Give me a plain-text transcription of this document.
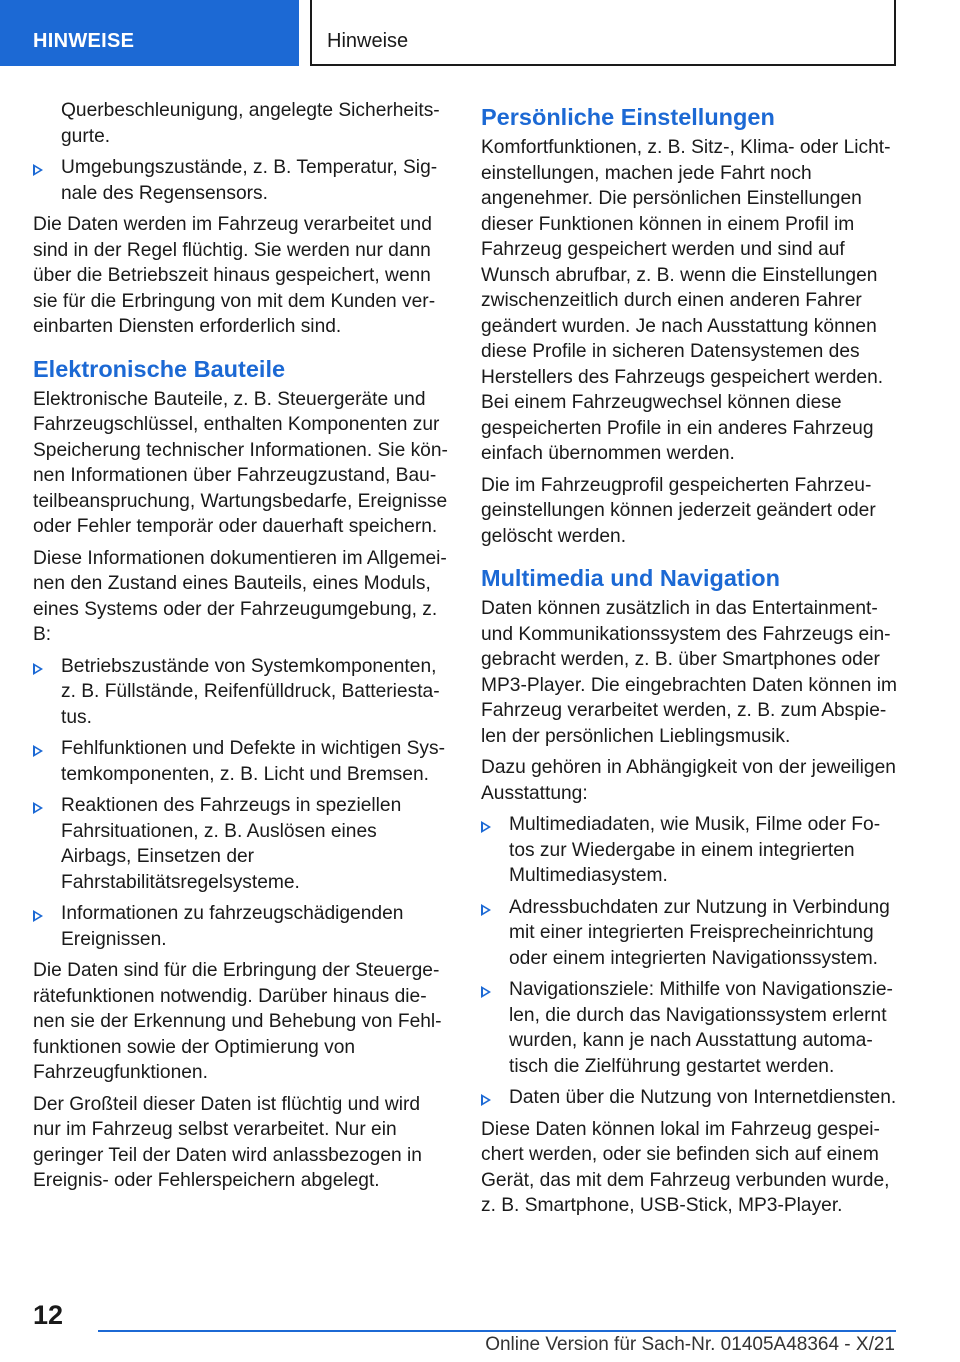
HINWEISE	Hinweise
Querbeschleunigung, angelegte Sicherheitsgurte.
Umgebungszustände, z. B. Temperatur, Signale des Regensensors.

Die Daten werden im Fahrzeug verarbeitet und sind in der Regel flüchtig. Sie werden nur dann über die Betriebszeit hinaus gespeichert, wenn sie für die Erbringung von mit dem Kunden vereinbarten Diensten erforderlich sind.

Elektronische Bauteile

Elektronische Bauteile, z. B. Steuergeräte und Fahrzeugschlüssel, enthalten Komponenten zur Speicherung technischer Informationen. Sie können Informationen über Fahrzeugzustand, Bauteilbeanspruchung, Wartungsbedarfe, Ereignisse oder Fehler temporär oder dauerhaft speichern.

Diese Informationen dokumentieren im Allgemeinen den Zustand eines Bauteils, eines Moduls, eines Systems oder der Fahrzeugumgebung, z. B:

Betriebszustände von Systemkomponenten, z. B. Füllstände, Reifenfülldruck, Batteriestatus.
Fehlfunktionen und Defekte in wichtigen Systemkomponenten, z. B. Licht und Bremsen.
Reaktionen des Fahrzeugs in speziellen Fahrsituationen, z. B. Auslösen eines Airbags, Einsetzen der Fahrstabilitätsregelsysteme.
Informationen zu fahrzeugschädigenden Ereignissen.

Die Daten sind für die Erbringung der Steuergerätefunktionen notwendig. Darüber hinaus dienen sie der Erkennung und Behebung von Fehlfunktionen sowie der Optimierung von Fahrzeugfunktionen.

Der Großteil dieser Daten ist flüchtig und wird nur im Fahrzeug selbst verarbeitet. Nur ein geringer Teil der Daten wird anlassbezogen in Ereignis- oder Fehlerspeichern abgelegt.

Persönliche Einstellungen

Komfortfunktionen, z. B. Sitz-, Klima- oder Lichteinstellungen, machen jede Fahrt noch angenehmer. Die persönlichen Einstellungen dieser Funktionen können in einem Profil im Fahrzeug gespeichert werden und sind auf Wunsch abrufbar, z. B. wenn die Einstellungen zwischenzeitlich durch einen anderen Fahrer geändert wurden. Je nach Ausstattung können diese Profile in sicheren Datensystemen des Herstellers des Fahrzeugs gespeichert werden. Bei einem Fahrzeugwechsel können diese gespeicherten Profile in ein anderes Fahrzeug einfach übernommen werden.

Die im Fahrzeugprofil gespeicherten Fahrzeugeinstellungen können jederzeit geändert oder gelöscht werden.

Multimedia und Navigation

Daten können zusätzlich in das Entertainment- und Kommunikationssystem des Fahrzeugs eingebracht werden, z. B. über Smartphones oder MP3-Player. Die eingebrachten Daten können im Fahrzeug verarbeitet werden, z. B. zum Abspielen der persönlichen Lieblingsmusik.

Dazu gehören in Abhängigkeit von der jeweiligen Ausstattung:

Multimediadaten, wie Musik, Filme oder Fotos zur Wiedergabe in einem integrierten Multimediasystem.
Adressbuchdaten zur Nutzung in Verbindung mit einer integrierten Freisprecheinrichtung oder einem integrierten Navigationssystem.
Navigationsziele: Mithilfe von Navigationszielen, die durch das Navigationssystem erlernt wurden, kann je nach Ausstattung automatisch die Zielführung gestartet werden.
Daten über die Nutzung von Internetdiensten.

Diese Daten können lokal im Fahrzeug gespeichert werden, oder sie befinden sich auf einem Gerät, das mit dem Fahrzeug verbunden wurde, z. B. Smartphone, USB-Stick, MP3-Player.

12
Online Version für Sach-Nr. 01405A48364 - X/21
